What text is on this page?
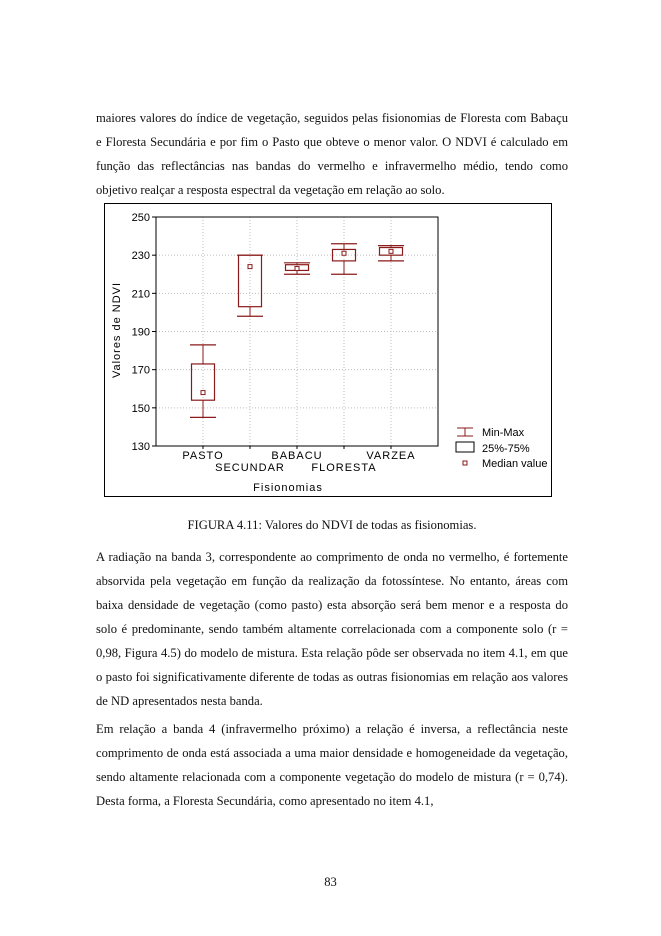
maiores valores do índice de vegetação, seguidos pelas fisionomias de Floresta com Babaçu e Floresta Secundária e por fim o Pasto que obteve o menor valor. O NDVI é calculado em função das reflectâncias nas bandas do vermelho e infravermelho médio, tendo como objetivo realçar a resposta espectral da vegetação em relação ao solo.

130
150
170
190
210
230
250
PASTO
SECUNDAR
BABACU
FLORESTA
VARZEA
Valores de NDVI
Fisionomias
Min-Max
25%-75%
Median value
FIGURA 4.11: Valores do NDVI de todas as fisionomias.

A radiação na banda 3, correspondente ao comprimento de onda no vermelho, é fortemente absorvida pela vegetação em função da realização da fotossíntese. No entanto, áreas com baixa densidade de vegetação (como pasto) esta absorção será bem menor e a resposta do solo é predominante, sendo também altamente correlacionada com a componente solo (r = 0,98, Figura 4.5) do modelo de mistura. Esta relação pôde ser observada no item 4.1, em que o pasto foi significativamente diferente de todas as outras fisionomias em relação aos valores de ND apresentados nesta banda.

Em relação a banda 4 (infravermelho próximo) a relação é inversa, a reflectância neste comprimento de onda está associada a uma maior densidade e homogeneidade da vegetação, sendo altamente relacionada com a componente vegetação do modelo de mistura (r = 0,74). Desta forma, a Floresta Secundária, como apresentado no item 4.1,

83
